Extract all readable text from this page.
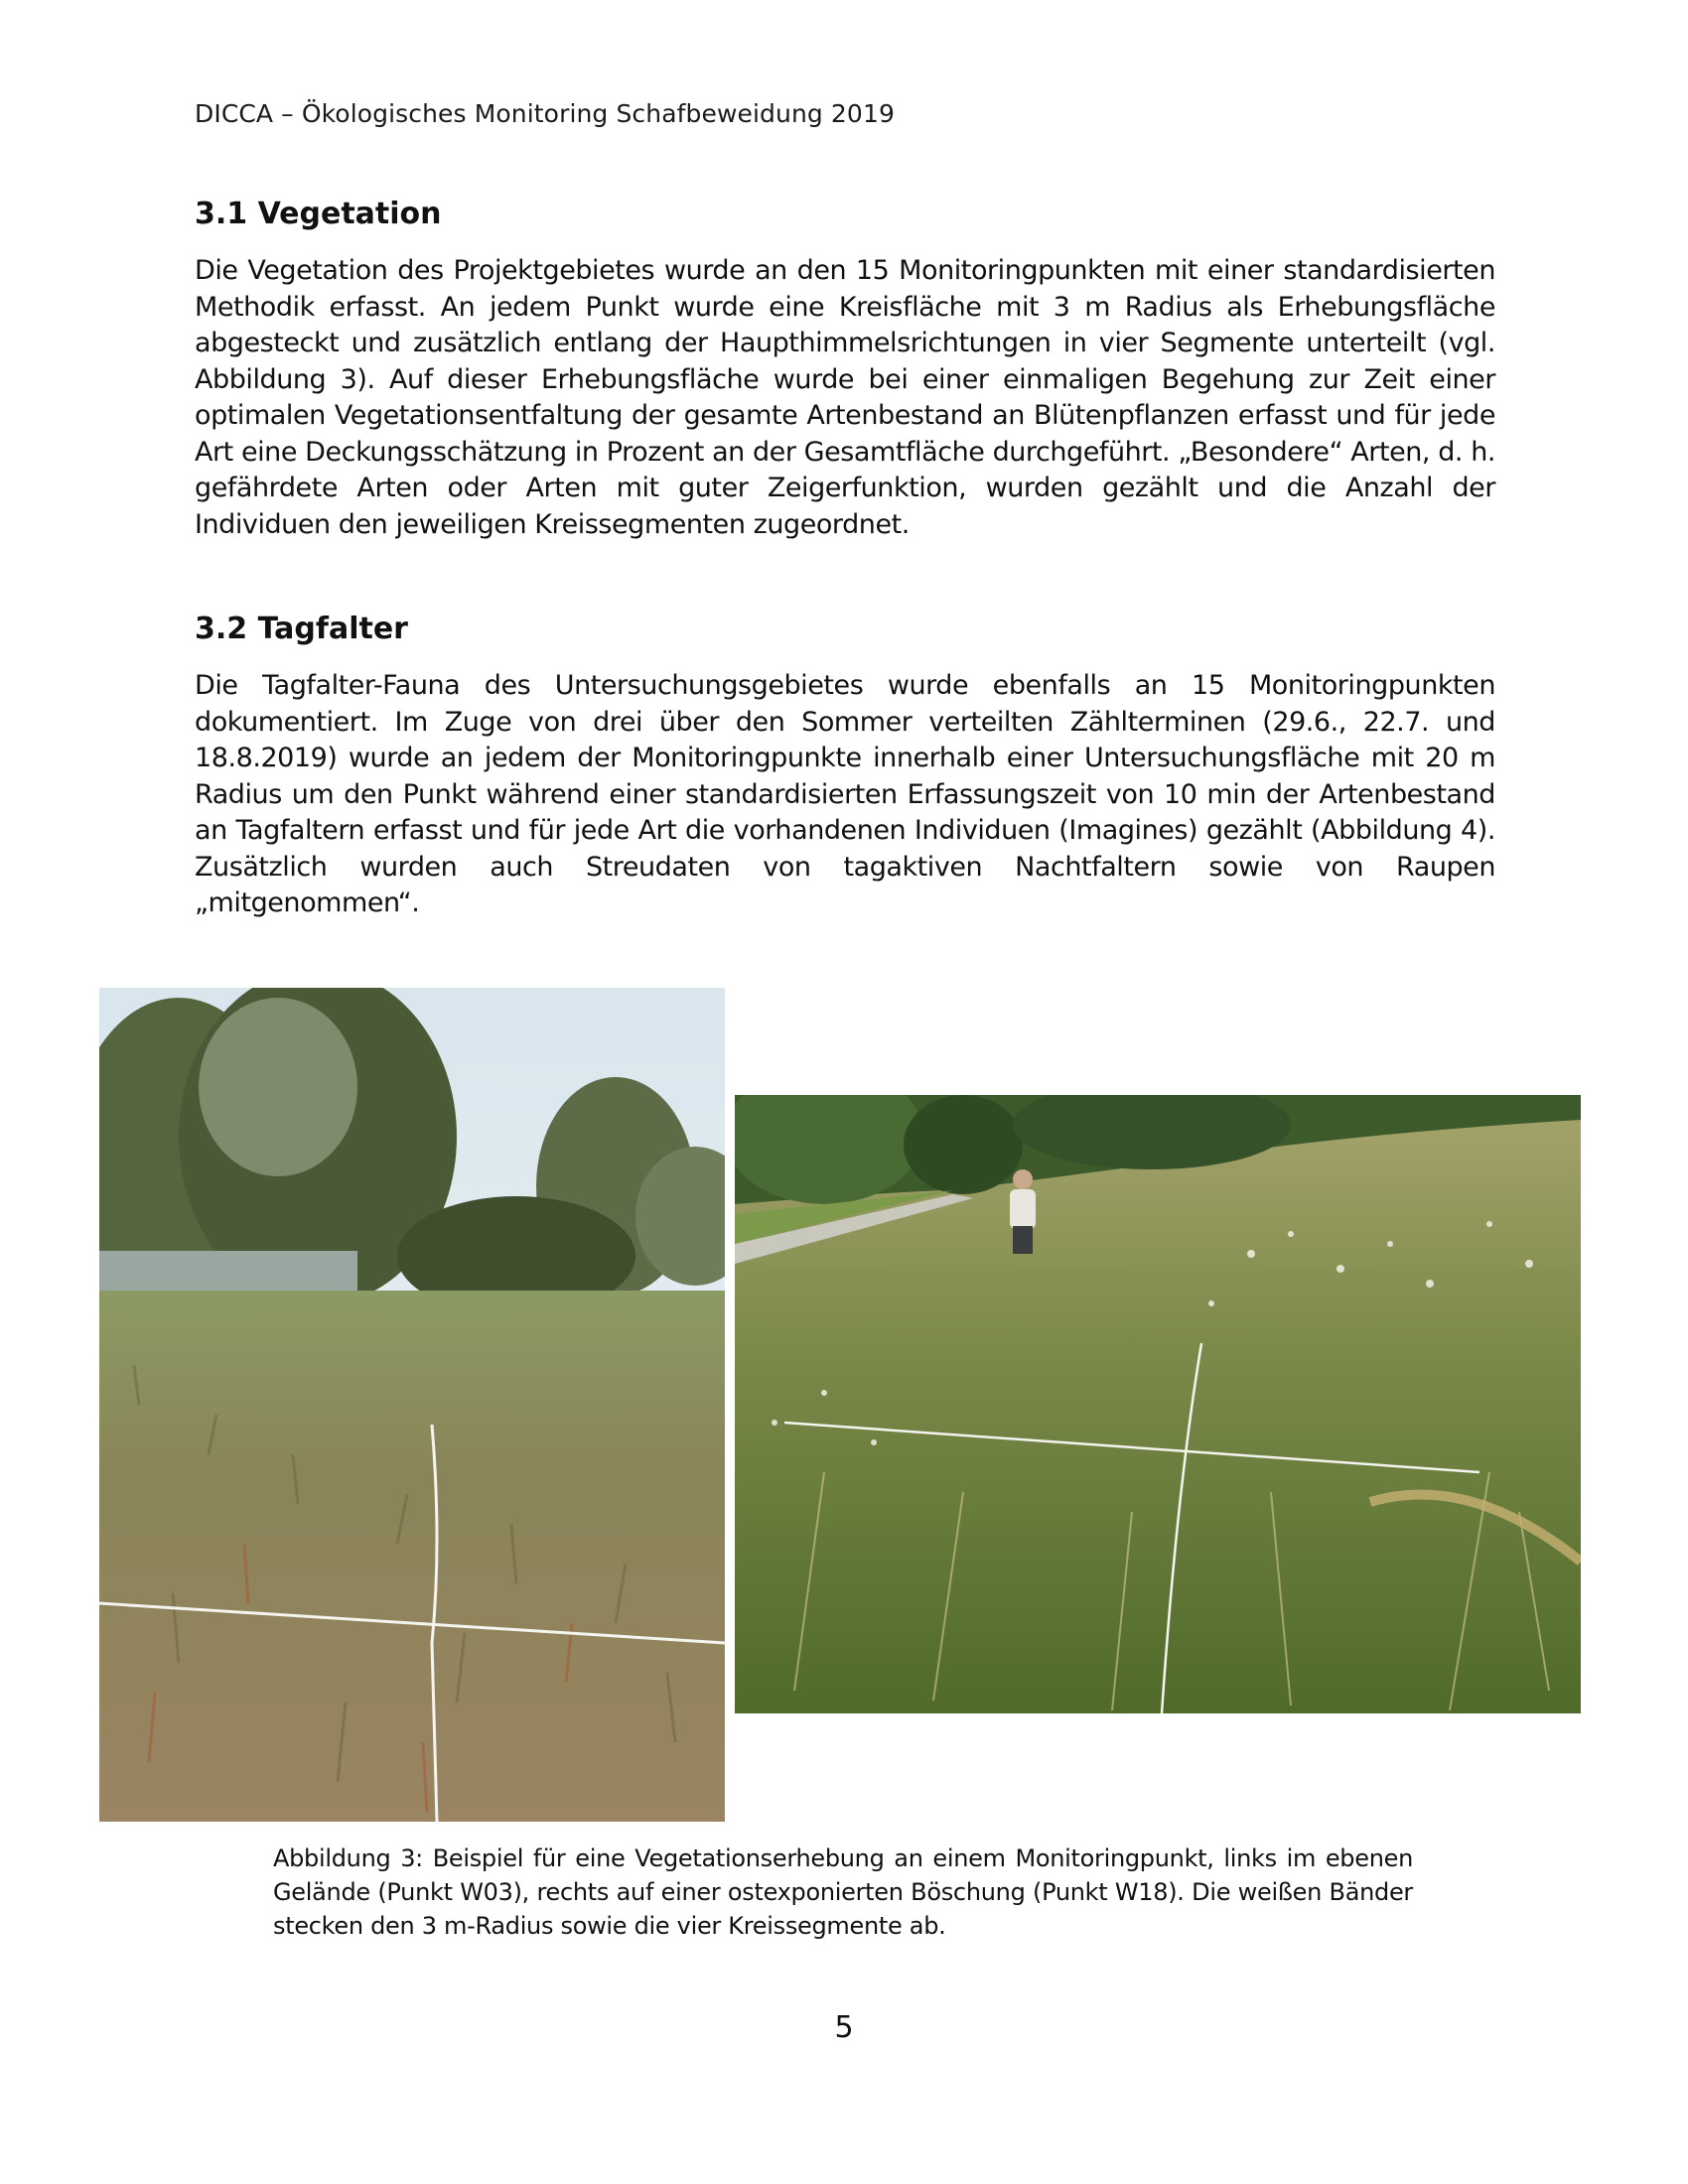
DICCA – Ökologisches Monitoring Schafbeweidung 2019
3.1 Vegetation

Die Vegetation des Projektgebietes wurde an den 15 Monitoringpunkten mit einer standardisierten Methodik erfasst. An jedem Punkt wurde eine Kreisfläche mit 3 m Radius als Erhebungsfläche abgesteckt und zusätzlich entlang der Haupthimmelsrichtungen in vier Segmente unterteilt (vgl. Abbildung 3). Auf dieser Erhebungsfläche wurde bei einer einmaligen Begehung zur Zeit einer optimalen Vegetationsentfaltung der gesamte Artenbestand an Blütenpflanzen erfasst und für jede Art eine Deckungsschätzung in Prozent an der Gesamtfläche durchgeführt. „Besondere“ Arten, d. h. gefährdete Arten oder Arten mit guter Zeigerfunktion, wurden gezählt und die Anzahl der Individuen den jeweiligen Kreissegmenten zugeordnet.

3.2 Tagfalter

Die Tagfalter-Fauna des Untersuchungsgebietes wurde ebenfalls an 15 Monitoringpunkten dokumentiert. Im Zuge von drei über den Sommer verteilten Zählterminen (29.6., 22.7. und 18.8.2019) wurde an jedem der Monitoringpunkte innerhalb einer Untersuchungsfläche mit 20 m Radius um den Punkt während einer standardisierten Erfassungszeit von 10 min der Artenbestand an Tagfaltern erfasst und für jede Art die vorhandenen Individuen (Imagines) gezählt (Abbildung 4). Zusätzlich wurden auch Streudaten von tagaktiven Nachtfaltern sowie von Raupen „mitgenommen“.

Abbildung 3: Beispiel für eine Vegetationserhebung an einem Monitoringpunkt, links im ebenen Gelände (Punkt W03), rechts auf einer ostexponierten Böschung (Punkt W18). Die weißen Bänder stecken den 3 m-Radius sowie die vier Kreissegmente ab.
5
